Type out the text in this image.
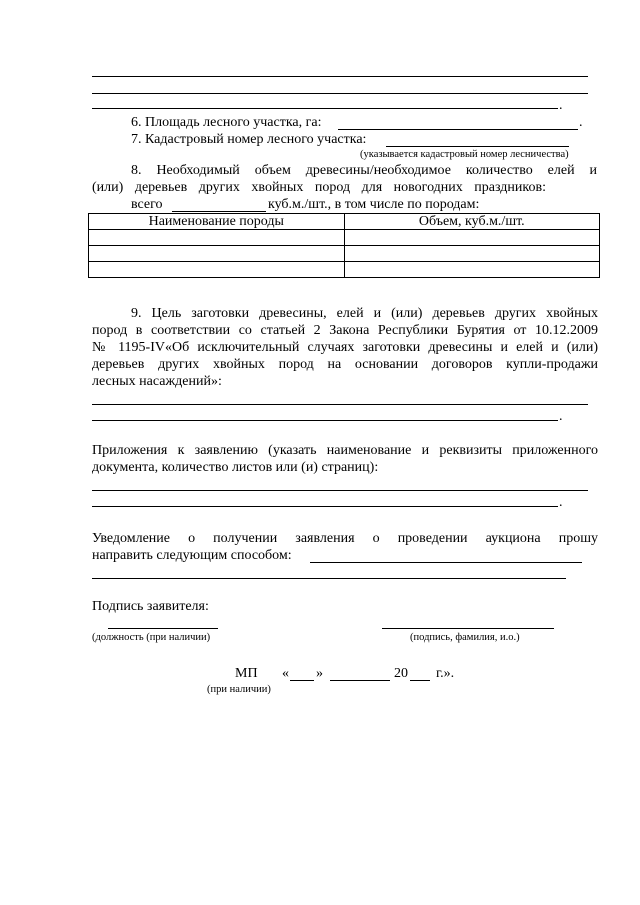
.
6. Площадь лесного участка, га:	.
7. Кадастровый номер лесного участка:
(указывается кадастровый номер лесничества)
8. Необходимый объем древесины/необходимое количество елей и
(или) деревьев других хвойных пород для новогодних праздников:
всего	куб.м./шт., в том числе по породам:
Наименование породы	Объем, куб.м./шт.

9. Цель заготовки древесины, елей и (или) деревьев других хвойных
пород в соответствии со статьей 2 Закона Республики Бурятия от 10.12.2009
№ 1195-IV«Об исключительный случаях заготовки древесины и елей и (или)
деревьев других хвойных пород на основании договоров купли-продажи
лесных насаждений»:
.
Приложения к заявлению (указать наименование и реквизиты приложенного
документа, количество листов или (и) страниц):
.
Уведомление о получении заявления о проведении аукциона прошу
направить следующим способом:
Подпись заявителя:
(должность (при наличии)	(подпись, фамилия, и.о.)
МП « »	20 г.».
(при наличии)
